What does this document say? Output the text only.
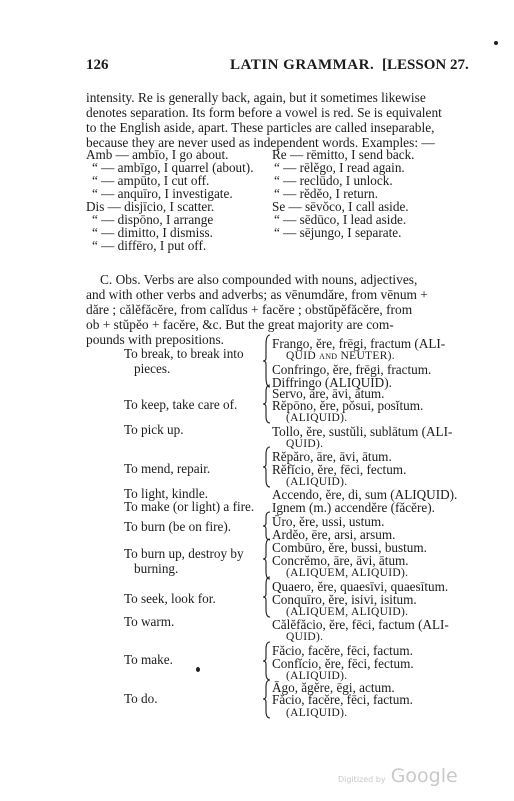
126	LATIN GRAMMAR. [LESSON 27.
intensity. Re is generally back, again, but it sometimes likewise
denotes separation. Its form before a vowel is red. Se is equivalent
to the English aside, apart. These particles are called inseparable,
because they are never used as independent words. Examples: —
Amb — ambīo, I go about.
“ — ambīgo, I quarrel (about).
“ — ampūto, I cut off.
“ — anquīro, I investigate.
Dis — disjīcio, I scatter.
“ — dispōno, I arrange
“ — dimitto, I dismiss.
“ — diffēro, I put off.
Re — rēmitto, I send back.
“ — rēlĕgo, I read again.
“ — reclūdo, I unlock.
“ — rĕdĕo, I return.
Se — sēvŏco, I call aside.
“ — sēdūco, I lead aside.
“ — sējungo, I separate.
C. Obs. Verbs are also compounded with nouns, adjectives,
and with other verbs and adverbs; as vēnumdăre, from vēnum +
dăre ; călĕfăcĕre, from calĭdus + facĕre ; obstŭpĕfăcĕre, from
ob + stŭpĕo + facĕre, &c. But the great majority are com-
pounds with prepositions.
To break, to break into
pieces.
To keep, take care of.
To pick up.
To mend, repair.
To light, kindle.
To make (or light) a fire.
To burn (be on fire).
To burn up, destroy by
burning.
To seek, look for.
To warm.
To make.
To do.
Frango, ĕre, frēgi, fractum (ALI-
QUID and NEUTER).
Confringo, ĕre, frēgi, fractum.
Diffringo (ALIQUID).
Servo, āre, āvi, ātum.
Rĕpōno, ĕre, pŏsui, posĭtum.
(ALIQUID).
Tollo, ĕre, sustŭli, sublātum (ALI-
QUID).
Rĕpăro, āre, āvi, ātum.
Rĕfĭcio, ĕre, fēci, fectum.
(ALIQUID).
Accendo, ĕre, di, sum (ALIQUID).
Ignem (m.) accendĕre (făcĕre).
Ūro, ĕre, ussi, ustum.
Ardĕo, ēre, arsi, arsum.
Combūro, ĕre, bussi, bustum.
Concrĕmo, āre, āvi, ātum.
(ALIQUEM, ALIQUID).
Quaero, ĕre, quaesīvi, quaesītum.
Conquīro, ĕre, isivi, isitum.
(ALIQUEM, ALIQUID).
Călĕfăcio, ĕre, fēci, factum (ALI-
QUID).
Făcio, facĕre, fēci, factum.
Confĭcio, ĕre, fēci, fectum.
(ALIQUID).
Āgo, ăgĕre, ēgi, actum.
Făcio, facĕre, fēci, factum.
(ALIQUID).
Digitized by Google
